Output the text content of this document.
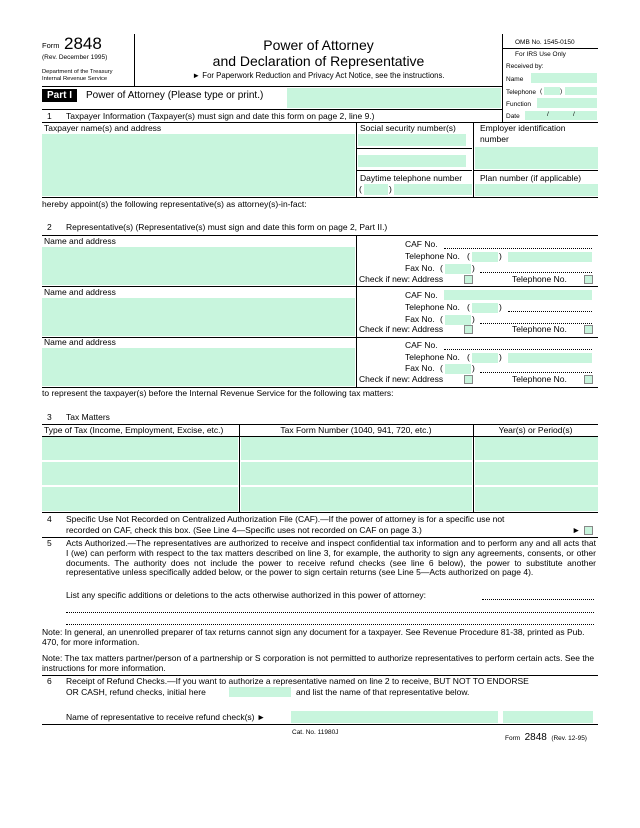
Form 2848
(Rev. December 1995)
Department of the Treasury
Internal Revenue Service
Power of Attorney
and Declaration of Representative
► For Paperwork Reduction and Privacy Act Notice, see the instructions.
OMB No. 1545-0150
For IRS Use Only
Received by:
Name
Telephone (	)
Function
Date	/	/
Part I	Power of Attorney (Please type or print.)
1 Taxpayer Information (Taxpayer(s) must sign and date this form on page 2, line 9.)
Taxpayer name(s) and address	Social security number(s)
Daytime telephone number
(	)
Employer identification
number
Plan number (if applicable)
hereby appoint(s) the following representative(s) as attorney(s)-in-fact:
2 Representative(s) (Representative(s) must sign and date this form on page 2, Part II.)
Name and address	CAF No.
Telephone No. (	)
Fax No. (	)
Check if new: Address	Telephone No.
Name and address	CAF No.
Telephone No. (	)
Fax No. (	)
Check if new: Address	Telephone No.
Name and address	CAF No.
Telephone No. (	)
Fax No. (	)
Check if new: Address	Telephone No.
to represent the taxpayer(s) before the Internal Revenue Service for the following tax matters:
3 Tax Matters
Type of Tax (Income, Employment, Excise, etc.)	Tax Form Number (1040, 941, 720, etc.)	Year(s) or Period(s)
4 Specific Use Not Recorded on Centralized Authorization File (CAF).—If the power of attorney is for a specific use not
recorded on CAF, check this box. (See Line 4—Specific uses not recorded on CAF on page 3.)	►
5 Acts Authorized.—The representatives are authorized to receive and inspect confidential tax information and to perform any and all acts that I (we) can perform with respect to the tax matters described on line 3, for example, the authority to sign any agreements, consents, or other documents. The authority does not include the power to receive refund checks (see line 6 below), the power to substitute another representative unless specifically added below, or the power to sign certain returns (see Line 5—Acts authorized on page 4).
List any specific additions or deletions to the acts otherwise authorized in this power of attorney:
Note: In general, an unenrolled preparer of tax returns cannot sign any document for a taxpayer. See Revenue Procedure 81-38, printed as Pub. 470, for more information.
Note: The tax matters partner/person of a partnership or S corporation is not permitted to authorize representatives to perform certain acts. See the instructions for more information.
6 Receipt of Refund Checks.—If you want to authorize a representative named on line 2 to receive, BUT NOT TO ENDORSE
OR CASH, refund checks, initial here	and list the name of that representative below.
Name of representative to receive refund check(s) ►
Cat. No. 11980J
Form 2848 (Rev. 12-95)
